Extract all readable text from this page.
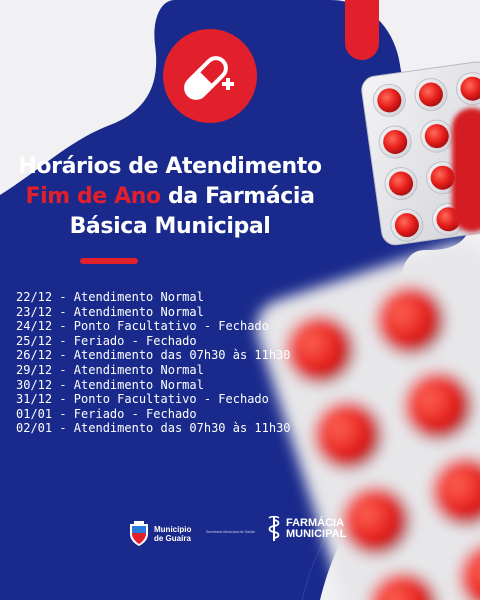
Horários de Atendimento
Fim de Ano da Farmácia
Básica Municipal
22/12 - Atendimento Normal
23/12 - Atendimento Normal
24/12 - Ponto Facultativo - Fechado
25/12 - Feriado - Fechado
26/12 - Atendimento das 07h30 às 11h30
29/12 - Atendimento Normal
30/12 - Atendimento Normal
31/12 - Ponto Facultativo - Fechado
01/01 - Feriado - Fechado
02/01 - Atendimento das 07h30 às 11h30
Município
de Guaíra
Secretaria Municipal de Saúde
FARMÁCIA
MUNICIPAL
